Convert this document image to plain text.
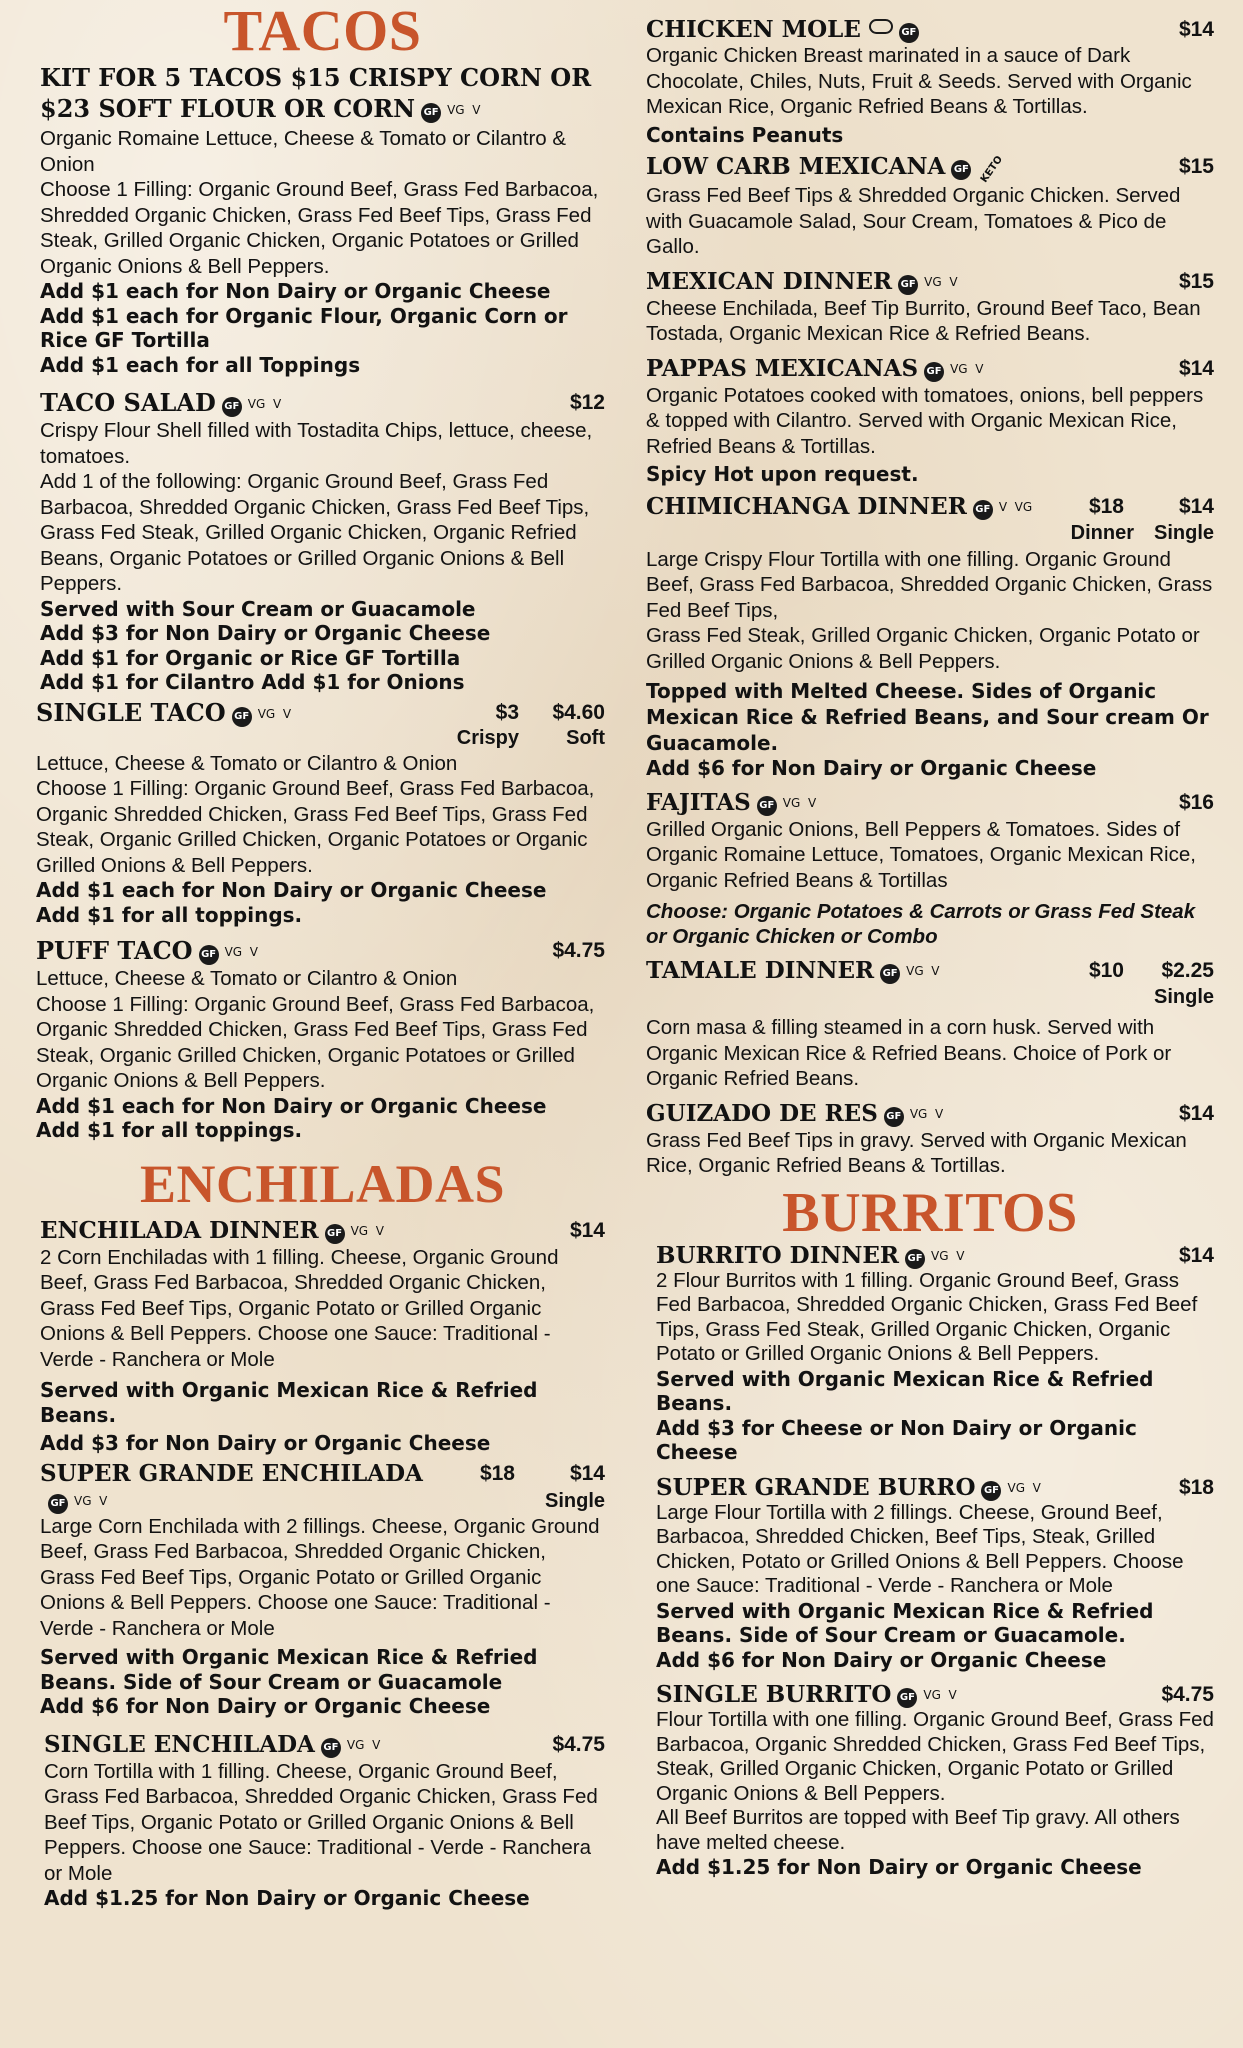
TACOS
KIT FOR 5 TACOS $15 CRISPY CORN OR
$23 SOFT FLOUR OR CORN GF VG V

Organic Romaine Lettuce, Cheese & Tomato or Cilantro & Onion
Choose 1 Filling: Organic Ground Beef, Grass Fed Barbacoa, Shredded Organic Chicken, Grass Fed Beef Tips, Grass Fed Steak, Grilled Organic Chicken, Organic Potatoes or Grilled Organic Onions & Bell Peppers.

Add $1 each for Non Dairy or Organic Cheese

Add $1 each for Organic Flour, Organic Corn or Rice GF Tortilla

Add $1 each for all Toppings

TACO SALAD GF VG V	$12

Crispy Flour Shell filled with Tostadita Chips, lettuce, cheese, tomatoes.
Add 1 of the following: Organic Ground Beef, Grass Fed Barbacoa, Shredded Organic Chicken, Grass Fed Beef Tips, Grass Fed Steak, Grilled Organic Chicken, Organic Refried Beans, Organic Potatoes or Grilled Organic Onions & Bell Peppers.

Served with Sour Cream or Guacamole

Add $3 for Non Dairy or Organic Cheese

Add $1 for Organic or Rice GF Tortilla

Add $1 for Cilantro Add $1 for Onions

SINGLE TACO GF VG V	$3 $4.60
Crispy Soft

Lettuce, Cheese & Tomato or Cilantro & Onion
Choose 1 Filling: Organic Ground Beef, Grass Fed Barbacoa, Organic Shredded Chicken, Grass Fed Beef Tips, Grass Fed Steak, Organic Grilled Chicken, Organic Potatoes or Organic Grilled Onions & Bell Peppers.

Add $1 each for Non Dairy or Organic Cheese

Add $1 for all toppings.

PUFF TACO GF VG V	$4.75

Lettuce, Cheese & Tomato or Cilantro & Onion
Choose 1 Filling: Organic Ground Beef, Grass Fed Barbacoa, Organic Shredded Chicken, Grass Fed Beef Tips, Grass Fed Steak, Organic Grilled Chicken, Organic Potatoes or Grilled Organic Onions & Bell Peppers.

Add $1 each for Non Dairy or Organic Cheese

Add $1 for all toppings.

ENCHILADAS
ENCHILADA DINNER GF VG V	$14

2 Corn Enchiladas with 1 filling. Cheese, Organic Ground Beef, Grass Fed Barbacoa, Shredded Organic Chicken, Grass Fed Beef Tips, Organic Potato or Grilled Organic Onions & Bell Peppers. Choose one Sauce: Traditional - Verde - Ranchera or Mole

Served with Organic Mexican Rice & Refried Beans.

Add $3 for Non Dairy or Organic Cheese

SUPER GRANDE ENCHILADA	$18	$14
Single
GF VG V

Large Corn Enchilada with 2 fillings. Cheese, Organic Ground Beef, Grass Fed Barbacoa, Shredded Organic Chicken, Grass Fed Beef Tips, Organic Potato or Grilled Organic Onions & Bell Peppers. Choose one Sauce: Traditional - Verde - Ranchera or Mole

Served with Organic Mexican Rice & Refried Beans. Side of Sour Cream or Guacamole

Add $6 for Non Dairy or Organic Cheese

SINGLE ENCHILADA GF VG V	$4.75

Corn Tortilla with 1 filling. Cheese, Organic Ground Beef, Grass Fed Barbacoa, Shredded Organic Chicken, Grass Fed Beef Tips, Organic Potato or Grilled Organic Onions & Bell Peppers. Choose one Sauce: Traditional - Verde - Ranchera or Mole

Add $1.25 for Non Dairy or Organic Cheese

CHICKEN MOLE	GF	$14

Organic Chicken Breast marinated in a sauce of Dark Chocolate, Chiles, Nuts, Fruit & Seeds. Served with Organic Mexican Rice, Organic Refried Beans & Tortillas.

Contains Peanuts

LOW CARB MEXICANA GF KETO	$15

Grass Fed Beef Tips & Shredded Organic Chicken. Served with Guacamole Salad, Sour Cream, Tomatoes & Pico de Gallo.

MEXICAN DINNER GF VG V	$15

Cheese Enchilada, Beef Tip Burrito, Ground Beef Taco, Bean Tostada, Organic Mexican Rice & Refried Beans.

PAPPAS MEXICANAS GF VG V	$14

Organic Potatoes cooked with tomatoes, onions, bell peppers & topped with Cilantro. Served with Organic Mexican Rice, Refried Beans & Tortillas.

Spicy Hot upon request.

CHIMICHANGA DINNER GF V VG	$18	$14
Dinner Single

Large Crispy Flour Tortilla with one filling. Organic Ground Beef, Grass Fed Barbacoa, Shredded Organic Chicken, Grass Fed Beef Tips,
Grass Fed Steak, Grilled Organic Chicken, Organic Potato or Grilled Organic Onions & Bell Peppers.

Topped with Melted Cheese. Sides of Organic Mexican Rice & Refried Beans, and Sour cream Or Guacamole.

Add $6 for Non Dairy or Organic Cheese

FAJITAS GF VG V	$16

Grilled Organic Onions, Bell Peppers & Tomatoes. Sides of Organic Romaine Lettuce, Tomatoes, Organic Mexican Rice, Organic Refried Beans & Tortillas

Choose: Organic Potatoes & Carrots or Grass Fed Steak or Organic Chicken or Combo

TAMALE DINNER GF VG V	$10 $2.25
Single

Corn masa & filling steamed in a corn husk. Served with Organic Mexican Rice & Refried Beans. Choice of Pork or Organic Refried Beans.

GUIZADO DE RES GF VG V	$14

Grass Fed Beef Tips in gravy. Served with Organic Mexican Rice, Organic Refried Beans & Tortillas.

BURRITOS
BURRITO DINNER GF VG V	$14

2 Flour Burritos with 1 filling. Organic Ground Beef, Grass Fed Barbacoa, Shredded Organic Chicken, Grass Fed Beef Tips, Grass Fed Steak, Grilled Organic Chicken, Organic Potato or Grilled Organic Onions & Bell Peppers.

Served with Organic Mexican Rice & Refried Beans.

Add $3 for Cheese or Non Dairy or Organic Cheese

SUPER GRANDE BURRO GF VG V	$18

Large Flour Tortilla with 2 fillings. Cheese, Ground Beef, Barbacoa, Shredded Chicken, Beef Tips, Steak, Grilled Chicken, Potato or Grilled Onions & Bell Peppers. Choose one Sauce: Traditional - Verde - Ranchera or Mole

Served with Organic Mexican Rice & Refried Beans. Side of Sour Cream or Guacamole.

Add $6 for Non Dairy or Organic Cheese

SINGLE BURRITO GF VG V	$4.75

Flour Tortilla with one filling. Organic Ground Beef, Grass Fed Barbacoa, Organic Shredded Chicken, Grass Fed Beef Tips, Steak, Grilled Organic Chicken, Organic Potato or Grilled Organic Onions & Bell Peppers.
All Beef Burritos are topped with Beef Tip gravy. All others have melted cheese.

Add $1.25 for Non Dairy or Organic Cheese
